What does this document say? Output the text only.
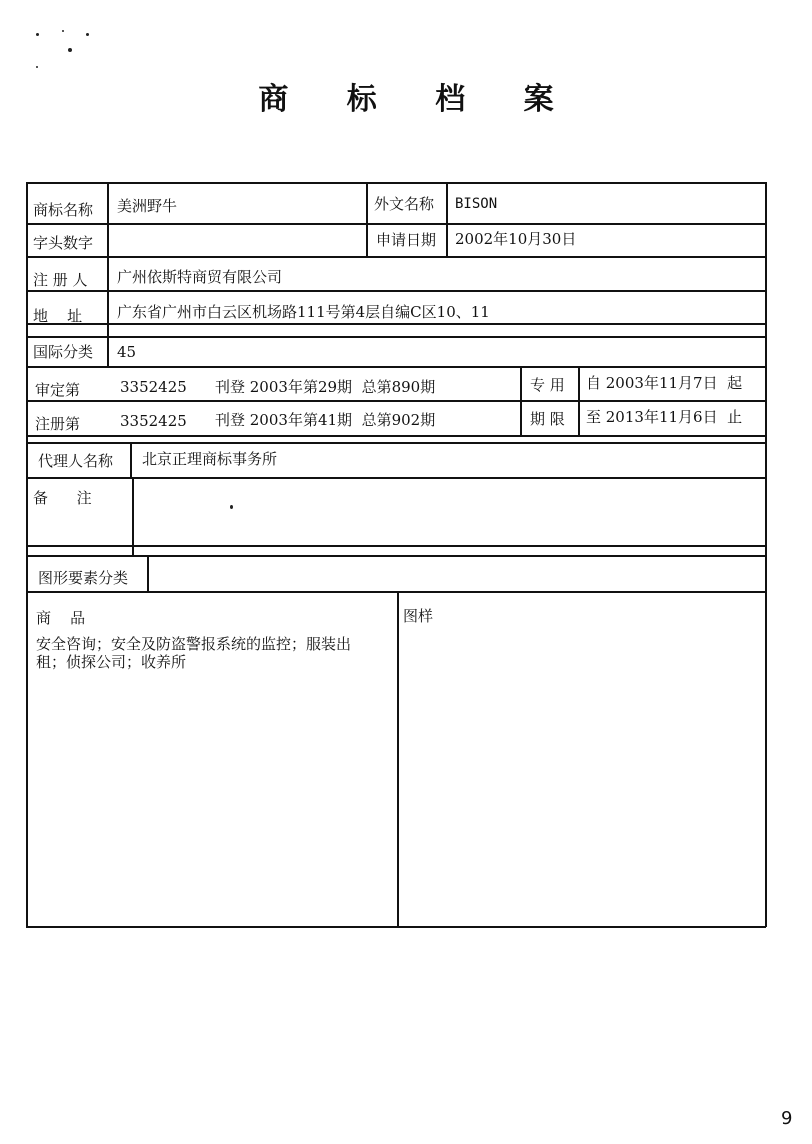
商 标 档 案
商标名称 美洲野牛	外文名称 BISON
字头数字	申请日期 2002年10月30日
注 册 人 广州依斯特商贸有限公司
地    址 广东省广州市白云区机场路111号第4层自编C区10、11
国际分类 45
审定第	3352425 刊登 2003年第29期  总第890期	专 用 自 2003年11月7日  起
注册第	3352425 刊登 2003年第41期  总第902期	期 限 至 2013年11月6日  止
代理人名称 北京正理商标事务所
备      注
图形要素分类
商    品
安全咨询；安全及防盗警报系统的监控；服装出
租；侦探公司；收养所
图样
9
